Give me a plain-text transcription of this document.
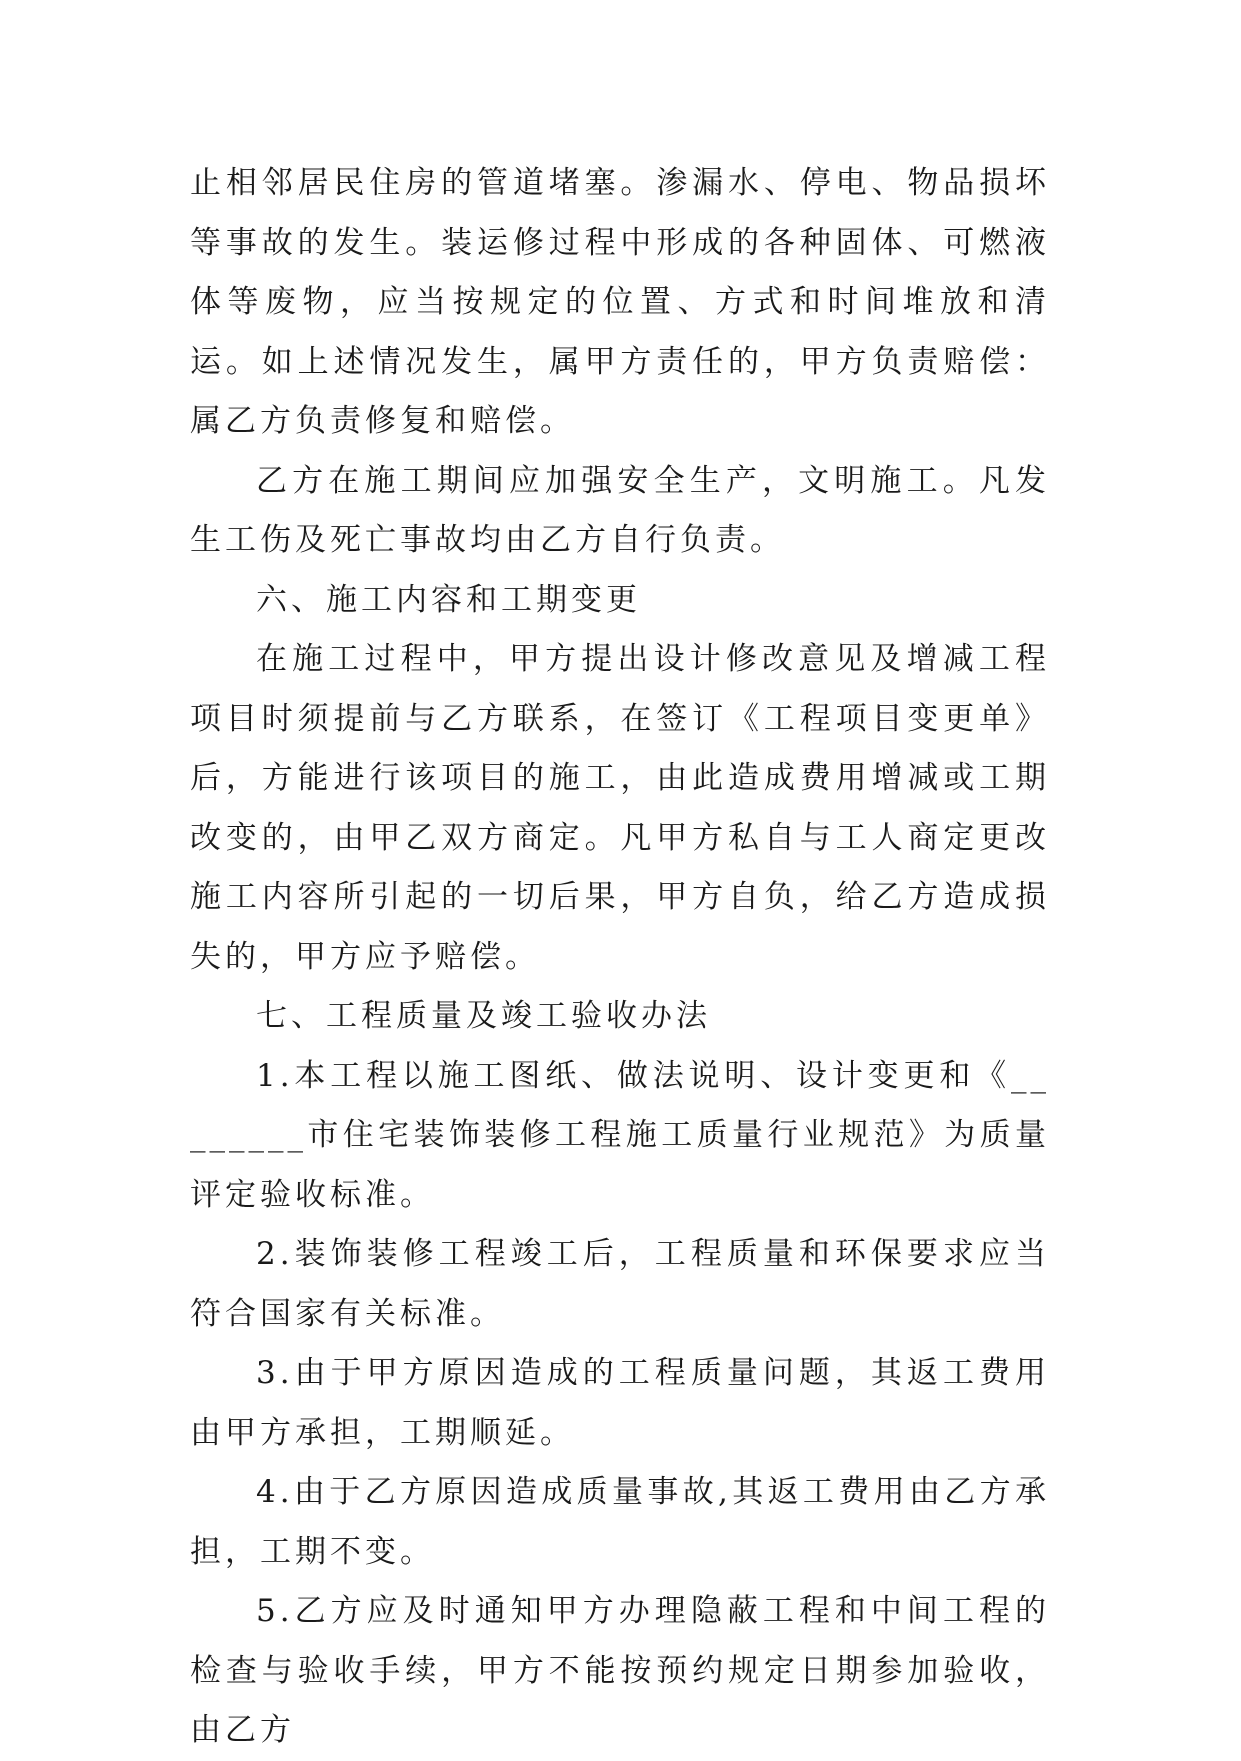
止相邻居民住房的管道堵塞。渗漏水、停电、物品损坏等事故的发生。装运修过程中形成的各种固体、可燃液体等废物，应当按规定的位置、方式和时间堆放和清运。如上述情况发生，属甲方责任的，甲方负责赔偿：属乙方负责修复和赔偿。

乙方在施工期间应加强安全生产，文明施工。凡发生工伤及死亡事故均由乙方自行负责。

六、施工内容和工期变更

在施工过程中，甲方提出设计修改意见及增减工程项目时须提前与乙方联系，在签订《工程项目变更单》后，方能进行该项目的施工，由此造成费用增减或工期改变的，由甲乙双方商定。凡甲方私自与工人商定更改施工内容所引起的一切后果，甲方自负，给乙方造成损失的，甲方应予赔偿。

七、工程质量及竣工验收办法

1.本工程以施工图纸、做法说明、设计变更和《________市住宅装饰装修工程施工质量行业规范》为质量评定验收标准。

2.装饰装修工程竣工后，工程质量和环保要求应当符合国家有关标准。

3.由于甲方原因造成的工程质量问题，其返工费用由甲方承担，工期顺延。

4.由于乙方原因造成质量事故,其返工费用由乙方承担，工期不变。

5.乙方应及时通知甲方办理隐蔽工程和中间工程的检查与验收手续，甲方不能按预约规定日期参加验收，由乙方
